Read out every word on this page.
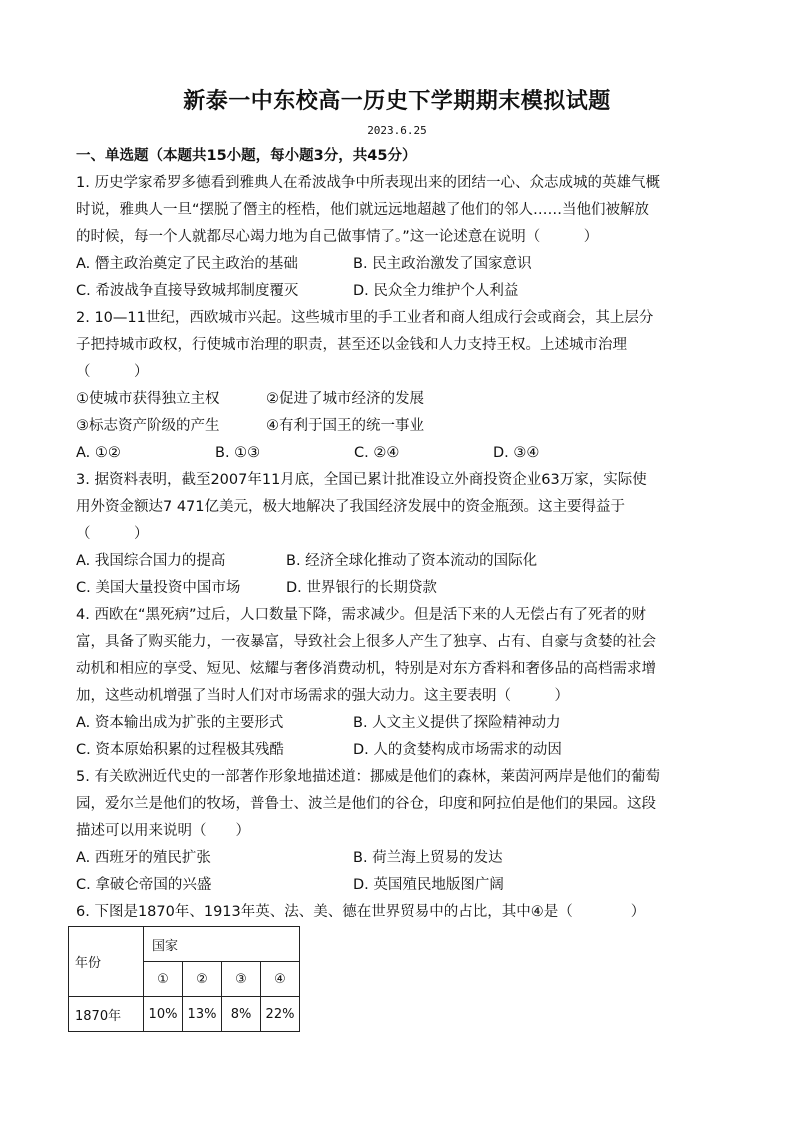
新泰一中东校高一历史下学期期末模拟试题
2023.6.25
一、单选题（本题共15小题，每小题3分，共45分）
1. 历史学家希罗多德看到雅典人在希波战争中所表现出来的团结一心、众志成城的英雄气概
时说，雅典人一旦“摆脱了僭主的桎梏，他们就远远地超越了他们的邻人……当他们被解放
的时候，每一个人就都尽心竭力地为自己做事情了。”这一论述意在说明（　　　）
A. 僭主政治奠定了民主政治的基础	B. 民主政治激发了国家意识
C. 希波战争直接导致城邦制度覆灭	D. 民众全力维护个人利益
2. 10—11世纪，西欧城市兴起。这些城市里的手工业者和商人组成行会或商会，其上层分
子把持城市政权，行使城市治理的职责，甚至还以金钱和人力支持王权。上述城市治理
（　　　）
①使城市获得独立主权	②促进了城市经济的发展
③标志资产阶级的产生	④有利于国王的统一事业
A. ①②	B. ①③	C. ②④	D. ③④
3. 据资料表明，截至2007年11月底，全国已累计批准设立外商投资企业63万家，实际使
用外资金额达7 471亿美元，极大地解决了我国经济发展中的资金瓶颈。这主要得益于
（　　　）
A. 我国综合国力的提高	B. 经济全球化推动了资本流动的国际化
C. 美国大量投资中国市场	D. 世界银行的长期贷款
4. 西欧在“黑死病”过后，人口数量下降，需求减少。但是活下来的人无偿占有了死者的财
富，具备了购买能力，一夜暴富，导致社会上很多人产生了独享、占有、自豪与贪婪的社会
动机和相应的享受、短见、炫耀与奢侈消费动机，特别是对东方香料和奢侈品的高档需求增
加，这些动机增强了当时人们对市场需求的强大动力。这主要表明（　　　）
A. 资本输出成为扩张的主要形式	B. 人文主义提供了探险精神动力
C. 资本原始积累的过程极其残酷	D. 人的贪婪构成市场需求的动因
5. 有关欧洲近代史的一部著作形象地描述道：挪威是他们的森林，莱茵河两岸是他们的葡萄
园，爱尔兰是他们的牧场，普鲁士、波兰是他们的谷仓，印度和阿拉伯是他们的果园。这段
描述可以用来说明（　　）
A. 西班牙的殖民扩张	B. 荷兰海上贸易的发达
C. 拿破仑帝国的兴盛	D. 英国殖民地版图广阔
6. 下图是1870年、1913年英、法、美、德在世界贸易中的占比，其中④是（　　　　）
年份	国家			
	①	②	③	④
1870年	10%	13%	8%	22%
